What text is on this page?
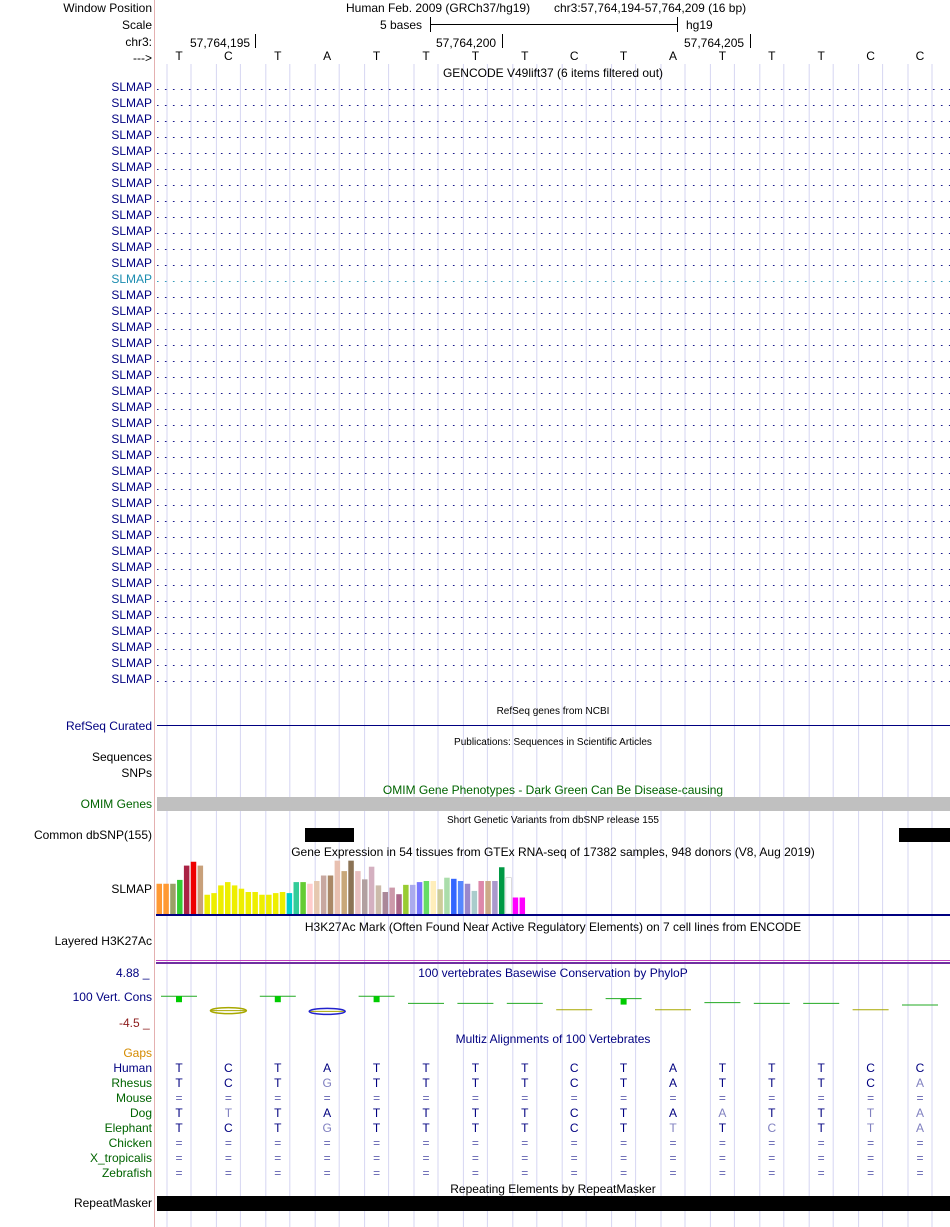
Window Position
Scale
chr3:
--->
Human Feb. 2009 (GRCh37/hg19) chr3:57,764,194-57,764,209 (16 bp)
5 bases	hg19
57,764,195	57,764,200	57,764,205
T	C	T	A	T	T	T	T	C	T	A	T	T	T	C	C
GENCODE V49lift37 (6 items filtered out)
SLMAP
SLMAP
SLMAP
SLMAP
SLMAP
SLMAP
SLMAP
SLMAP
SLMAP
SLMAP
SLMAP
SLMAP
SLMAP
SLMAP
SLMAP
SLMAP
SLMAP
SLMAP
SLMAP
SLMAP
SLMAP
SLMAP
SLMAP
SLMAP
SLMAP
SLMAP
SLMAP
SLMAP
SLMAP
SLMAP
SLMAP
SLMAP
SLMAP
SLMAP
SLMAP
SLMAP
SLMAP
SLMAP
RefSeq genes from NCBI
RefSeq Curated
Publications: Sequences in Scientific Articles
Sequences
SNPs
OMIM Gene Phenotypes - Dark Green Can Be Disease-causing
OMIM Genes
Short Genetic Variants from dbSNP release 155
Common dbSNP(155)
Gene Expression in 54 tissues from GTEx RNA-seq of 17382 samples, 948 donors (V8, Aug 2019)
SLMAP
H3K27Ac Mark (Often Found Near Active Regulatory Elements) on 7 cell lines from ENCODE
Layered H3K27Ac
100 vertebrates Basewise Conservation by PhyloP
4.88 _
100 Vert. Cons
-4.5 _
Multiz Alignments of 100 Vertebrates
Gaps
Human	T	C	T	A	T	T	T	T	C	T	A	T	T	T	C	C
Rhesus	T	C	T	G	T	T	T	T	C	T	A	T	T	T	C	A
Mouse	=	=	=	=	=	=	=	=	=	=	=	=	=	=	=	=
Dog	T	T	T	A	T	T	T	T	C	T	A	A	T	T	T	A
Elephant	T	C	T	G	T	T	T	T	C	T	T	T	C	T	T	A
Chicken	=	=	=	=	=	=	=	=	=	=	=	=	=	=	=	=
X_tropicalis	=	=	=	=	=	=	=	=	=	=	=	=	=	=	=	=
Zebrafish	=	=	=	=	=	=	=	=	=	=	=	=	=	=	=	=
Repeating Elements by RepeatMasker
RepeatMasker
